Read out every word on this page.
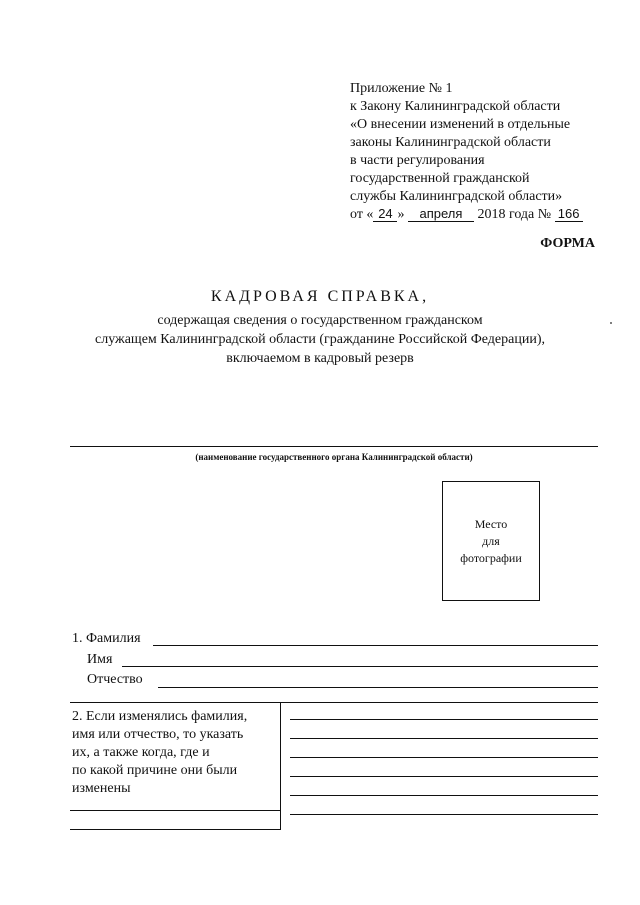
Приложение № 1
к Закону Калининградской области
«О внесении изменений в отдельные
законы Калининградской области
в части регулирования
государственной гражданской
службы Калининградской области»
от « 24 » апреля 2018 года № 166
ФОРМА
КАДРОВАЯ СПРАВКА,
содержащая сведения о государственном гражданском
служащем Калининградской области (гражданине Российской Федерации),
включаемом в кадровый резерв
(наименование государственного органа Калининградской области)
Место
для
фотографии
1. Фамилия
Имя
Отчество
2. Если изменялись фамилия,
имя или отчество, то указать
их, а также когда, где и
по какой причине они были
изменены
